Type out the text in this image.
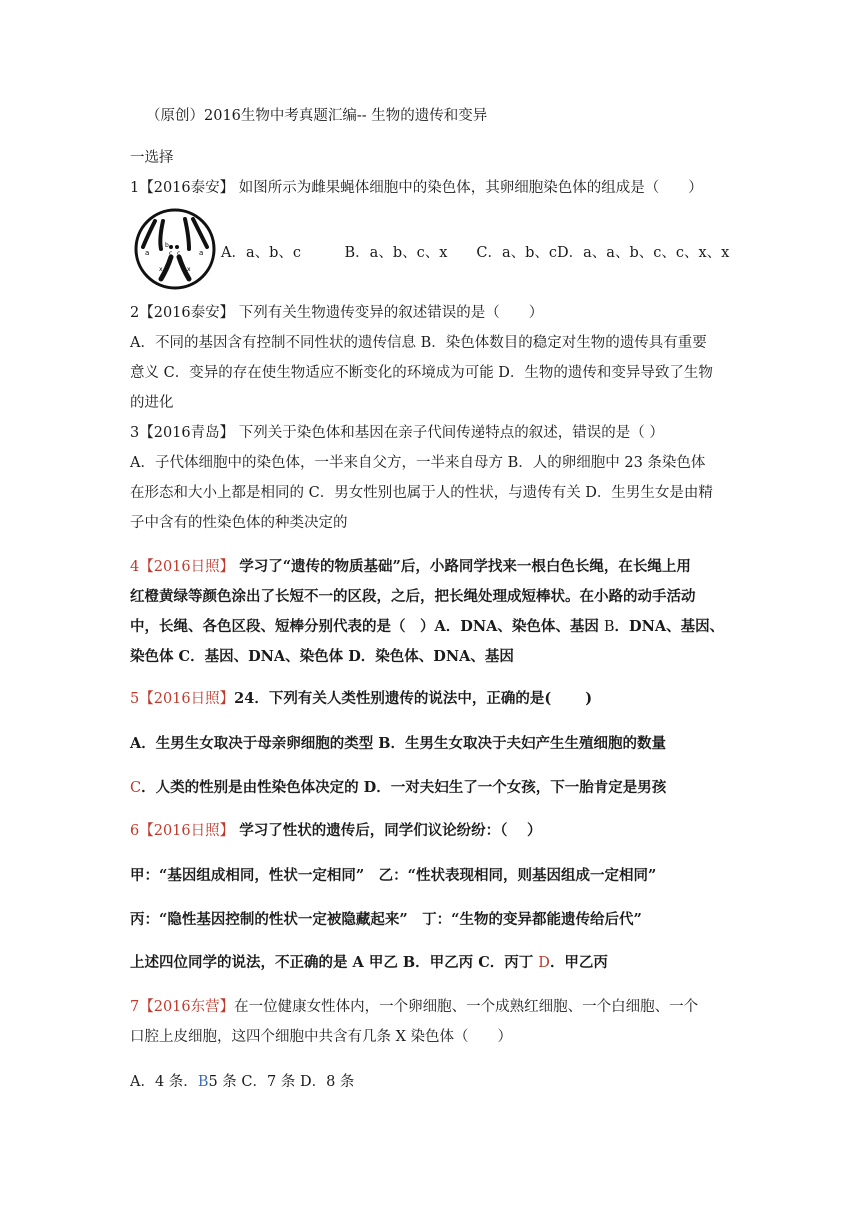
（原创）2016生物中考真题汇编-- 生物的遗传和变异
一选择
1【2016泰安】 如图所示为雌果蝇体细胞中的染色体，其卵细胞染色体的组成是（　　）
a	a
b
c c
x	x
A．a、b、c　　　B．a、b、c、x　　C．a、b、cD．a、a、b、c、c、x、x
2【2016泰安】 下列有关生物遗传变异的叙述错误的是（　　）
A．不同的基因含有控制不同性状的遗传信息 B．染色体数目的稳定对生物的遗传具有重要
意义 C．变异的存在使生物适应不断变化的环境成为可能 D．生物的遗传和变异导致了生物
的进化
3【2016青岛】 下列关于染色体和基因在亲子代间传递特点的叙述，错误的是（ ）
A．子代体细胞中的染色体，一半来自父方，一半来自母方 B．人的卵细胞中 23 条染色体
在形态和大小上都是相同的 C．男女性别也属于人的性状，与遗传有关 D．生男生女是由精
子中含有的性染色体的种类决定的
4【2016日照】 学习了“遗传的物质基础”后，小路同学找来一根白色长绳，在长绳上用
红橙黄绿等颜色涂出了长短不一的区段，之后，把长绳处理成短棒状。在小路的动手活动
中，长绳、各色区段、短棒分别代表的是（　）A．DNA、染色体、基因 B．DNA、基因、
染色体 C．基因、DNA、染色体 D．染色体、DNA、基因
5【2016日照】24．下列有关人类性别遗传的说法中，正确的是(　　 )
A．生男生女取决于母亲卵细胞的类型 B．生男生女取决于夫妇产生生殖细胞的数量
C．人类的性别是由性染色体决定的 D．一对夫妇生了一个女孩，下一胎肯定是男孩
6【2016日照】 学习了性状的遗传后，同学们议论纷纷：（　 ）
甲：“基因组成相同，性状一定相同”　乙：“性状表现相同，则基因组成一定相同”
丙：“隐性基因控制的性状一定被隐藏起来”　丁：“生物的变异都能遗传给后代”
上述四位同学的说法，不正确的是 A 甲乙 B．甲乙丙 C．丙丁 D．甲乙丙
7【2016东营】在一位健康女性体内，一个卵细胞、一个成熟红细胞、一个白细胞、一个
口腔上皮细胞，这四个细胞中共含有几条 X 染色体（　　）
A．4 条．B5 条 C．7 条 D．8 条
